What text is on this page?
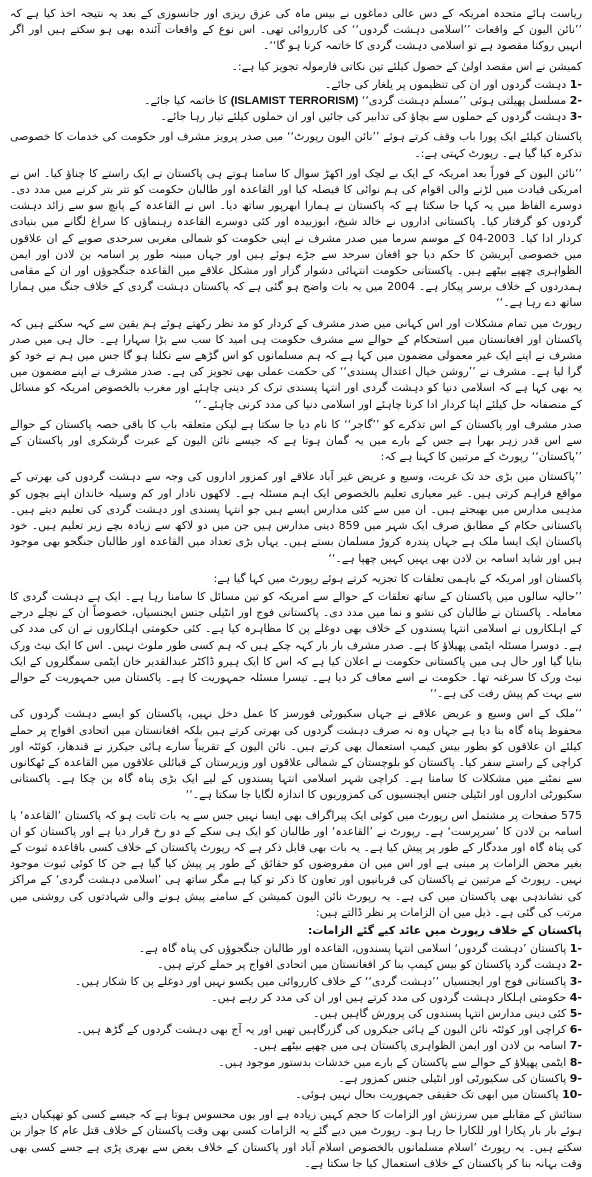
ریاست ہائے متحدہ امریکہ کے دس عالی دماغوں نے بیس ماہ کی عرق ریزی اور جانسوزی کے بعد یہ نتیجہ اخذ کیا ہے کہ ’’نائن الیون کے واقعات ’’اسلامی دہشت گردوں‘‘ کی کارروائی تھی۔ اس نوع کے واقعات آئندہ بھی ہو سکتے ہیں اور اگر انہیں روکنا مقصود ہے تو اسلامی دہشت گردی کا خاتمہ کرنا ہو گا‘‘۔

کمیشن نے اس مقصد اولیٰ کے حصول کیلئے تین نکاتی فارمولہ تجویز کیا ہے:۔

1- دہشت گردوں اور ان کی تنظیموں پر یلغار کی جائے۔
2- مسلسل پھیلتی ہوئی ’’مسلم دہشت گردی‘‘ (ISLAMIST TERRORISM) کا خاتمہ کیا جائے۔
3- دہشت گردوں کے حملوں سے بچاؤ کی تدابیر کی جائیں اور ان حملوں کیلئے تیار رہا جائے۔

پاکستان کیلئے ایک پورا باب وقف کرتے ہوئے ’’نائن الیون رپورٹ‘‘ میں صدر پرویز مشرف اور حکومت کی خدمات کا خصوصی تذکرہ کیا گیا ہے۔ رپورٹ کہتی ہے:۔

’’نائن الیون کے فوراً بعد امریکہ کے ایک بے لچک اور اکھڑ سوال کا سامنا ہوتے ہی پاکستان نے ایک راستے کا چناؤ کیا۔ اس نے امریکی قیادت میں لڑنے والی اقوام کی ہم نوائی کا فیصلہ کیا اور القاعدہ اور طالبان حکومت کو تتر بتر کرنے میں مدد دی۔ دوسرے الفاظ میں یہ کہا جا سکتا ہے کہ پاکستان نے ہمارا ابھرپور ساتھ دیا۔ اس نے القاعدہ کے پانچ سو سے زائد دہشت گردوں کو گرفتار کیا۔ پاکستانی اداروں نے خالد شیخ، ابوزبیدہ اور کئی دوسرے القاعدہ رہنماؤں کا سراغ لگانے میں بنیادی کردار ادا کیا۔ 2003-04 کے موسم سرما میں صدر مشرف نے اپنی حکومت کو شمالی مغربی سرحدی صوبے کے ان علاقوں میں خصوصی آپریشن کا حکم دیا جو افغان سرحد سے جڑے ہوئے ہیں اور جہاں مبینہ طور پر اسامہ بن لادن اور ایمن الظواہری چھپے بیٹھے ہیں۔ پاکستانی حکومت انتہائی دشوار گزار اور مشکل علاقے میں القاعدہ جنگجوؤں اور ان کے مقامی ہمدردوں کے خلاف برسر پیکار ہے۔ 2004 میں یہ بات واضح ہو گئی ہے کہ پاکستان دہشت گردی کے خلاف جنگ میں ہمارا ساتھ دے رہا ہے۔‘‘

رپورٹ میں تمام مشکلات اور اس کہانی میں صدر مشرف کے کردار کو مد نظر رکھتے ہوئے ہم یقین سے کہہ سکتے ہیں کہ پاکستان اور افغانستان میں استحکام کے حوالے سے مشرف حکومت ہی امید کا سب سے بڑا سہارا ہے۔ حال ہی میں صدر مشرف نے اپنے ایک غیر معمولی مضمون میں کہا ہے کہ ہم مسلمانوں کو اس گڑھے سے نکلنا ہو گا جس میں ہم نے خود کو گرا لیا ہے۔ مشرف نے ’’روشن خیال اعتدال پسندی‘‘ کی حکمت عملی بھی تجویز کی ہے۔ صدر مشرف نے اپنے مضمون میں یہ بھی کہا ہے کہ اسلامی دنیا کو دہشت گردی اور انتہا پسندی ترک کر دینی چاہئے اور مغرب بالخصوص امریکہ کو مسائل کے منصفانہ حل کیلئے اپنا کردار ادا کرنا چاہئے اور اسلامی دنیا کی مدد کرنی چاہئے۔‘‘

صدر مشرف اور پاکستان کے اس تذکرے کو ’’گاجر‘‘ کا نام دیا جا سکتا ہے لیکن متعلقہ باب کا باقی حصہ پاکستان کے حوالے سے اس قدر زہر بھرا ہے جس کے بارے میں یہ گمان ہوتا ہے کہ جیسے نائن الیون کے عبرت گرشکری اور پاکستان کے ’’پاکستان‘‘ رپورٹ کے مرتبین کا کہنا ہے کہ:

’’پاکستان میں بڑی حد تک غربت، وسیع و عریض غیر آباد علاقے اور کمزور اداروں کی وجہ سے دہشت گردوں کی بھرتی کے مواقع فراہم کرتی ہیں۔ غیر معیاری تعلیم بالخصوص ایک اہم مسئلہ ہے۔ لاکھوں نادار اور کم وسیلہ خاندان اپنے بچوں کو مذہبی مدارس میں بھیجتے ہیں۔ ان میں سے کئی مدارس ایسے ہیں جو انتہا پسندی اور دہشت گردی کی تعلیم دیتے ہیں۔ پاکستانی حکام کے مطابق صرف ایک شہر میں 859 دینی مدارس ہیں جن میں دو لاکھ سے زیادہ بچے زیر تعلیم ہیں۔ خود پاکستان ایک ایسا ملک ہے جہاں پندرہ کروڑ مسلمان بستے ہیں۔ یہاں بڑی تعداد میں القاعدہ اور طالبان جنگجو بھی موجود ہیں اور شاید اسامہ بن لادن بھی یہیں کہیں چھپا ہے۔‘‘

پاکستان اور امریکہ کے باہمی تعلقات کا تجزیہ کرتے ہوئے رپورٹ میں کہا گیا ہے:

’’حالیہ سالوں میں پاکستان کے ساتھ تعلقات کے حوالے سے امریکہ کو تین مسائل کا سامنا رہا ہے۔ ایک ہے دہشت گردی کا معاملہ۔ پاکستان نے طالبان کی نشو و نما میں مدد دی۔ پاکستانی فوج اور انٹیلی جنس ایجنسیاں، خصوصاً ان کے نچلے درجے کے اہلکاروں نے اسلامی انتہا پسندوں کے خلاف بھی دوغلے پن کا مظاہرہ کیا ہے۔ کئی حکومتی اہلکاروں نے ان کی مدد کی ہے۔ دوسرا مسئلہ ایٹمی پھیلاؤ کا ہے۔ صدر مشرف بار بار کہہ چکے ہیں کہ ہم کسی طور ملوث نہیں۔ اس کا ایک نیٹ ورک بنایا گیا اور حال ہی میں پاکستانی حکومت نے اعلان کیا ہے کہ اس کا ایک ہیرو ڈاکٹر عبدالقدیر خان ایٹمی سمگلروں کے ایک نیٹ ورک کا سرغنہ تھا۔ حکومت نے اسے معاف کر دیا ہے۔ تیسرا مسئلہ جمہوریت کا ہے۔ پاکستان میں جمہوریت کے حوالے سے بہت کم پیش رفت کی ہے۔‘‘

’’ملک کے اس وسیع و عریض علاقے نے جہاں سکیورٹی فورسز کا عمل دخل نہیں، پاکستان کو ایسے دہشت گردوں کی محفوظ پناہ گاہ بنا دیا ہے جہاں وہ نہ صرف دہشت گردوں کی بھرتی کرتے ہیں بلکہ افغانستان میں اتحادی افواج پر حملے کیلئے ان علاقوں کو بطور بیس کیمپ استعمال بھی کرتے ہیں۔ نائن الیون کے تقریباً سارے ہائی جیکرز نے قندھار، کوئٹہ اور کراچی کے راستے سفر کیا۔ پاکستان کو بلوچستان کے شمالی علاقوں اور وزیرستان کے قبائلی علاقوں میں القاعدہ کے ٹھکانوں سے نمٹنے میں مشکلات کا سامنا ہے۔ کراچی شہر اسلامی انتہا پسندوں کے لیے ایک بڑی پناہ گاہ بن چکا ہے۔ پاکستانی سکیورٹی اداروں اور انٹیلی جنس ایجنسیوں کی کمزوریوں کا اندازہ لگایا جا سکتا ہے۔‘‘

575 صفحات پر مشتمل اس رپورٹ میں کوئی ایک پیراگراف بھی ایسا نہیں جس سے یہ بات ثابت ہو کہ پاکستان ’القاعدہ‘ یا اسامہ بن لادن کا ’سرپرست‘ ہے۔ رپورٹ نے ’القاعدہ‘ اور طالبان کو ایک ہی سکے کے دو رخ قرار دیا ہے اور پاکستان کو ان کی پناہ گاہ اور مددگار کے طور پر پیش کیا ہے۔ یہ بات بھی قابل ذکر ہے کہ رپورٹ پاکستان کے خلاف کسی باقاعدہ ثبوت کے بغیر محض الزامات پر مبنی ہے اور اس میں ان مفروضوں کو حقائق کے طور پر پیش کیا گیا ہے جن کا کوئی ثبوت موجود نہیں۔ رپورٹ کے مرتبین نے پاکستان کی قربانیوں اور تعاون کا ذکر تو کیا ہے مگر ساتھ ہی ’اسلامی دہشت گردی‘ کے مراکز کی نشاندہی بھی پاکستان میں کی ہے۔ یہ رپورٹ نائن الیون کمیشن کے سامنے پیش ہونے والی شہادتوں کی روشنی میں مرتب کی گئی ہے۔ ذیل میں ان الزامات پر نظر ڈالتے ہیں:

پاکستان کے خلاف رپورٹ میں عائد کیے گئے الزامات:

1- پاکستان ’دہشت گردوں‘ اسلامی انتہا پسندوں، القاعدہ اور طالبان جنگجوؤں کی پناہ گاہ ہے۔
2- دہشت گرد پاکستان کو بیس کیمپ بنا کر افغانستان میں اتحادی افواج پر حملے کرتے ہیں۔
3- پاکستانی فوج اور ایجنسیاں ’’دہشت گردی‘‘ کے خلاف کارروائی میں یکسو نہیں اور دوغلے پن کا شکار ہیں۔
4- حکومتی اہلکار دہشت گردوں کی مدد کرتے ہیں اور ان کی مدد کر رہے ہیں۔
5- کئی دینی مدارس انتہا پسندوں کی پرورش گاہیں ہیں۔
6- کراچی اور کوئٹہ نائن الیون کے ہائی جیکروں کی گزرگاہیں تھیں اور یہ آج بھی دہشت گردوں کے گڑھ ہیں۔
7- اسامہ بن لادن اور ایمن الظواہری پاکستان ہی میں چھپے بیٹھے ہیں۔
8- ایٹمی پھیلاؤ کے حوالے سے پاکستان کے بارے میں خدشات بدستور موجود ہیں۔
9- پاکستان کی سکیورٹی اور انٹیلی جنس کمزور ہے۔
10- پاکستان میں ابھی تک حقیقی جمہوریت بحال نہیں ہوئی۔

ستائش کے مقابلے میں سرزنش اور الزامات کا حجم کہیں زیادہ ہے اور یوں محسوس ہوتا ہے کہ جیسے کسی کو تھپکیاں دیتے ہوئے بار بار پکارا اور للکارا جا رہا ہو۔ رپورٹ میں دیے گئے یہ الزامات کسی بھی وقت پاکستان کے خلاف قتل عام کا جواز بن سکتے ہیں۔ یہ رپورٹ ’اسلام مسلمانوں بالخصوص اسلام آباد اور پاکستان کے خلاف بغض سے بھری پڑی ہے جسے کسی بھی وقت بہانہ بنا کر پاکستان کے خلاف استعمال کیا جا سکتا ہے۔
